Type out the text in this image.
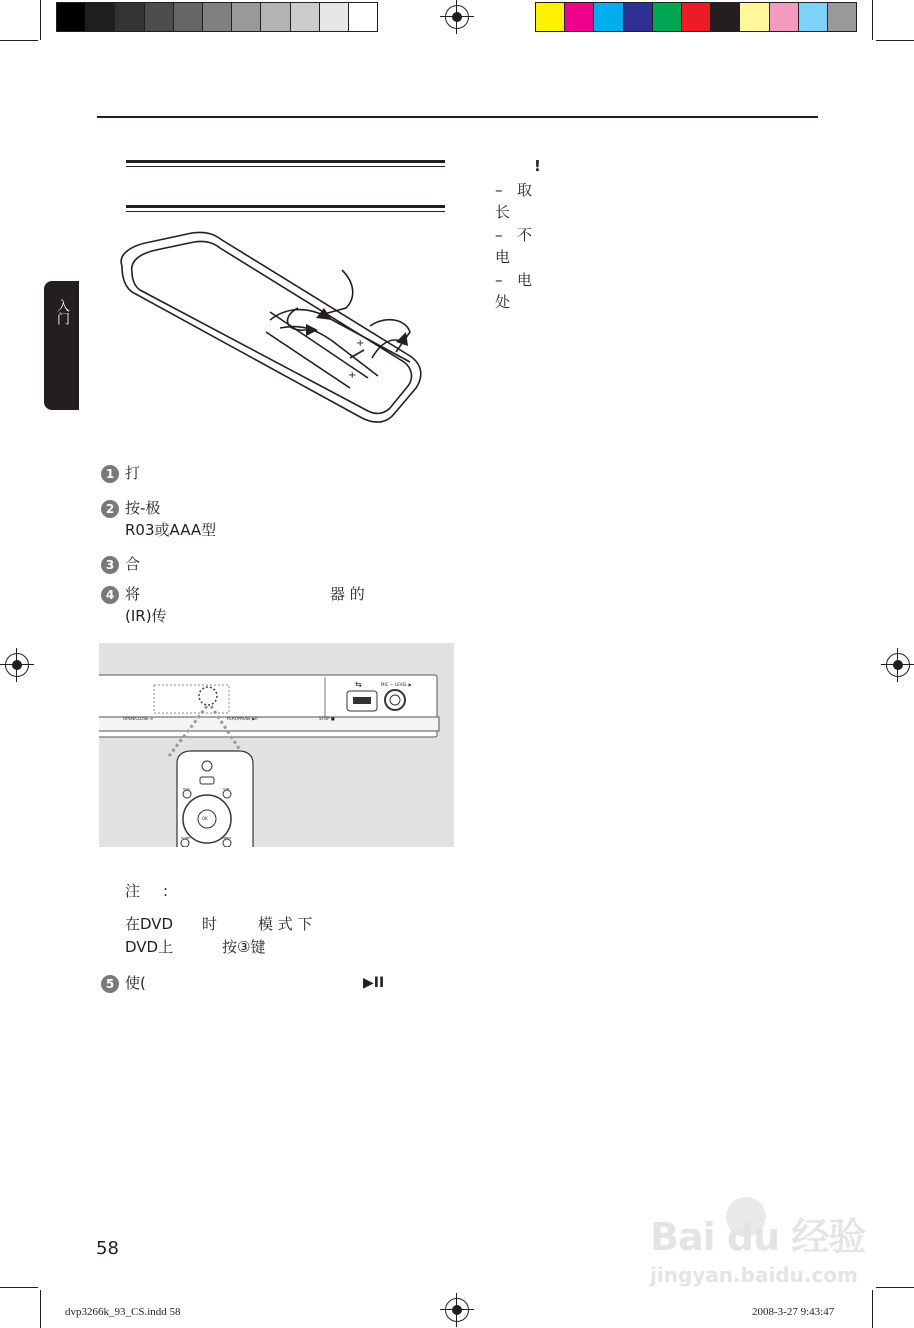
入门
+
+
!
– 取
长
– 不
电
– 电
处
1 打
2 按-极
R03或AAA型
3 合
4 将
(IR)传
器 的
5 使(	▶II
OPEN/CLOSE ≡	PLAY/PAUSE ▶II	STOP ■
MIC — LEVEL ▶
⇆
OK
DISC	USB
HOME	MENU
注 :
在DVD 时	模 式 下
DVD上	按③键
58
dvp3266k_93_CS.indd 58	2008-3-27 9:43:47
Bai du 经验
jingyan.baidu.com
